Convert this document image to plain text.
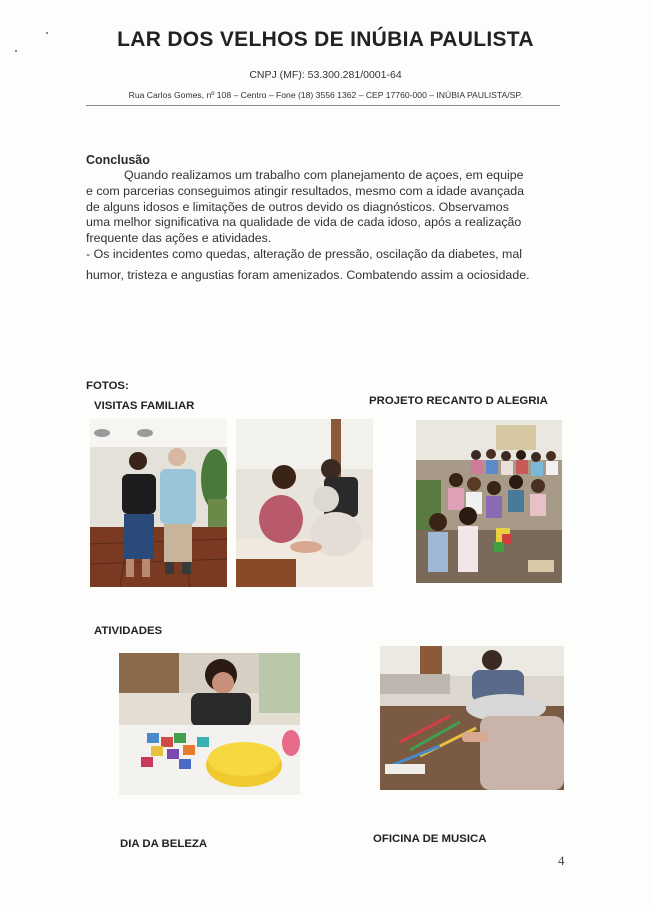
LAR DOS VELHOS DE INÚBIA PAULISTA
CNPJ (MF): 53.300.281/0001-64
Rua Carlos Gomes, nº 108 – Centro – Fone (18) 3556 1362 – CEP 17760-000 – INÚBIA PAULISTA/SP.
Conclusão
Quando realizamos um trabalho com planejamento de açoes, em equipe
e com parcerias conseguimos atingir resultados, mesmo com a idade avançada
de alguns idosos e limitações de outros devido os diagnósticos. Observamos
uma melhor significativa na qualidade de vida de cada idoso, após a realização
frequente das ações e atividades.
- Os incidentes como quedas, alteração de pressão, oscilação da diabetes, mal
humor, tristeza e angustias foram amenizados. Combatendo assim a ociosidade.
FOTOS:
VISITAS FAMILIAR	PROJETO RECANTO D ALEGRIA
ATIVIDADES
DIA DA BELEZA	OFICINA DE MUSICA
4
